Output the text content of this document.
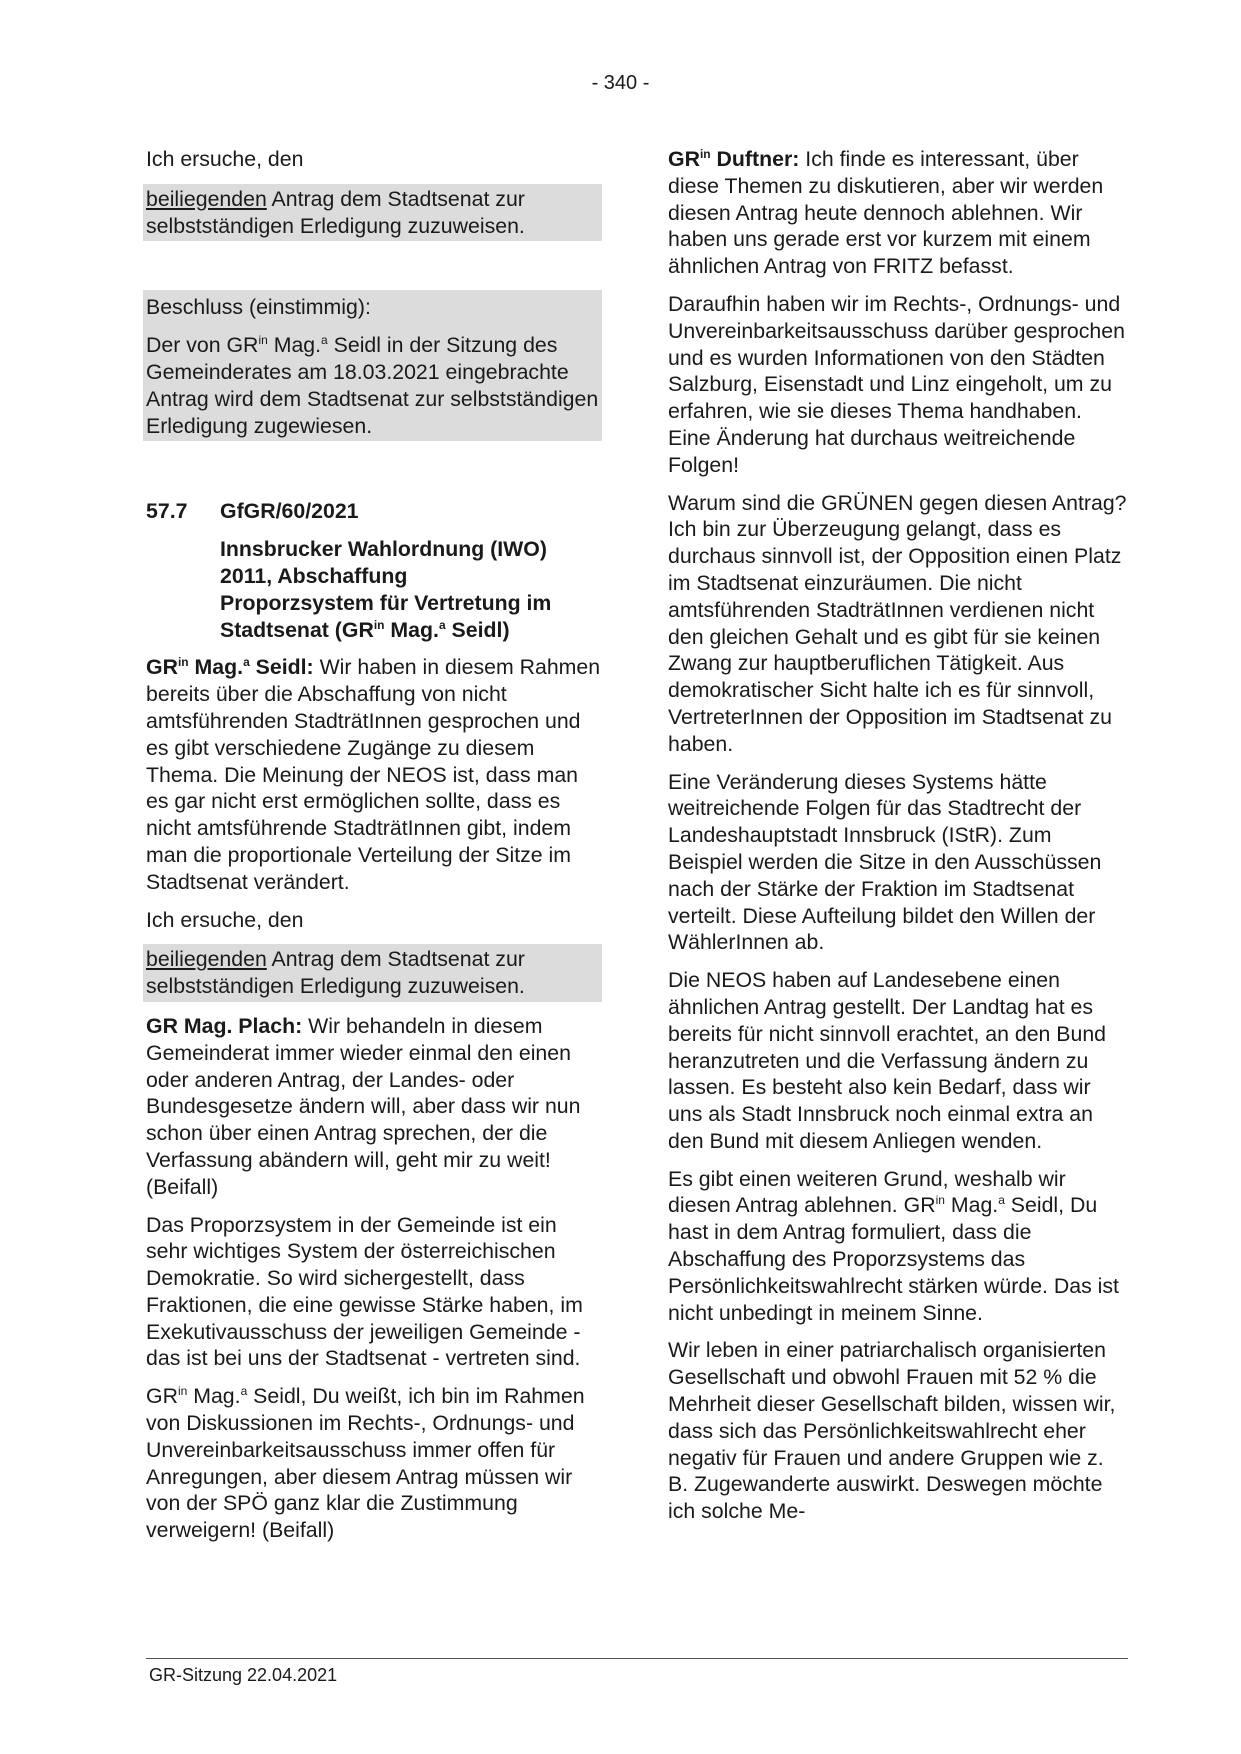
- 340 -

Ich ersuche, den

beiliegenden Antrag dem Stadtsenat zur selbstständigen Erledigung zuzuweisen.

Beschluss (einstimmig):

Der von $GR^{in}$ Mag.$^a$ Seidl in der Sitzung des Gemeinderates am 18.03.2021 eingebrachte Antrag wird dem Stadtsenat zur selbstständigen Erledigung zugewiesen.

57.7	GfGR/60/2021
Innsbrucker Wahlordnung (IWO) 2011, Abschaffung Proporzsystem für Vertretung im Stadtsenat ($GR^{in}$ Mag.$^a$ Seidl)

$GR^{in}$ Mag.$^a$ Seidl: Wir haben in diesem Rahmen bereits über die Abschaffung von nicht amtsführenden StadträtInnen gesprochen und es gibt verschiedene Zugänge zu diesem Thema. Die Meinung der NEOS ist, dass man es gar nicht erst ermöglichen sollte, dass es nicht amtsführende StadträtInnen gibt, indem man die proportionale Verteilung der Sitze im Stadtsenat verändert.

Ich ersuche, den

beiliegenden Antrag dem Stadtsenat zur selbstständigen Erledigung zuzuweisen.

GR Mag. Plach: Wir behandeln in diesem Gemeinderat immer wieder einmal den einen oder anderen Antrag, der Landes- oder Bundesgesetze ändern will, aber dass wir nun schon über einen Antrag sprechen, der die Verfassung abändern will, geht mir zu weit! (Beifall)

Das Proporzsystem in der Gemeinde ist ein sehr wichtiges System der österreichischen Demokratie. So wird sichergestellt, dass Fraktionen, die eine gewisse Stärke haben, im Exekutivausschuss der jeweiligen Gemeinde - das ist bei uns der Stadtsenat - vertreten sind.

$GR^{in}$ Mag.$^a$ Seidl, Du weißt, ich bin im Rahmen von Diskussionen im Rechts-, Ordnungs- und Unvereinbarkeitsausschuss immer offen für Anregungen, aber diesem Antrag müssen wir von der SPÖ ganz klar die Zustimmung verweigern! (Beifall)

$GR^{in}$ Duftner: Ich finde es interessant, über diese Themen zu diskutieren, aber wir werden diesen Antrag heute dennoch ablehnen. Wir haben uns gerade erst vor kurzem mit einem ähnlichen Antrag von FRITZ befasst.

Daraufhin haben wir im Rechts-, Ordnungs- und Unvereinbarkeitsausschuss darüber gesprochen und es wurden Informationen von den Städten Salzburg, Eisenstadt und Linz eingeholt, um zu erfahren, wie sie dieses Thema handhaben. Eine Änderung hat durchaus weitreichende Folgen!

Warum sind die GRÜNEN gegen diesen Antrag? Ich bin zur Überzeugung gelangt, dass es durchaus sinnvoll ist, der Opposition einen Platz im Stadtsenat einzuräumen. Die nicht amtsführenden StadträtInnen verdienen nicht den gleichen Gehalt und es gibt für sie keinen Zwang zur hauptberuflichen Tätigkeit. Aus demokratischer Sicht halte ich es für sinnvoll, VertreterInnen der Opposition im Stadtsenat zu haben.

Eine Veränderung dieses Systems hätte weitreichende Folgen für das Stadtrecht der Landeshauptstadt Innsbruck (IStR). Zum Beispiel werden die Sitze in den Ausschüssen nach der Stärke der Fraktion im Stadtsenat verteilt. Diese Aufteilung bildet den Willen der WählerInnen ab.

Die NEOS haben auf Landesebene einen ähnlichen Antrag gestellt. Der Landtag hat es bereits für nicht sinnvoll erachtet, an den Bund heranzutreten und die Verfassung ändern zu lassen. Es besteht also kein Bedarf, dass wir uns als Stadt Innsbruck noch einmal extra an den Bund mit diesem Anliegen wenden.

Es gibt einen weiteren Grund, weshalb wir diesen Antrag ablehnen. $GR^{in}$ Mag.$^a$ Seidl, Du hast in dem Antrag formuliert, dass die Abschaffung des Proporzsystems das Persönlichkeitswahlrecht stärken würde. Das ist nicht unbedingt in meinem Sinne.

Wir leben in einer patriarchalisch organisierten Gesellschaft und obwohl Frauen mit 52 % die Mehrheit dieser Gesellschaft bilden, wissen wir, dass sich das Persönlichkeitswahlrecht eher negativ für Frauen und andere Gruppen wie z. B. Zugewanderte auswirkt. Deswegen möchte ich solche Me-

GR-Sitzung 22.04.2021
